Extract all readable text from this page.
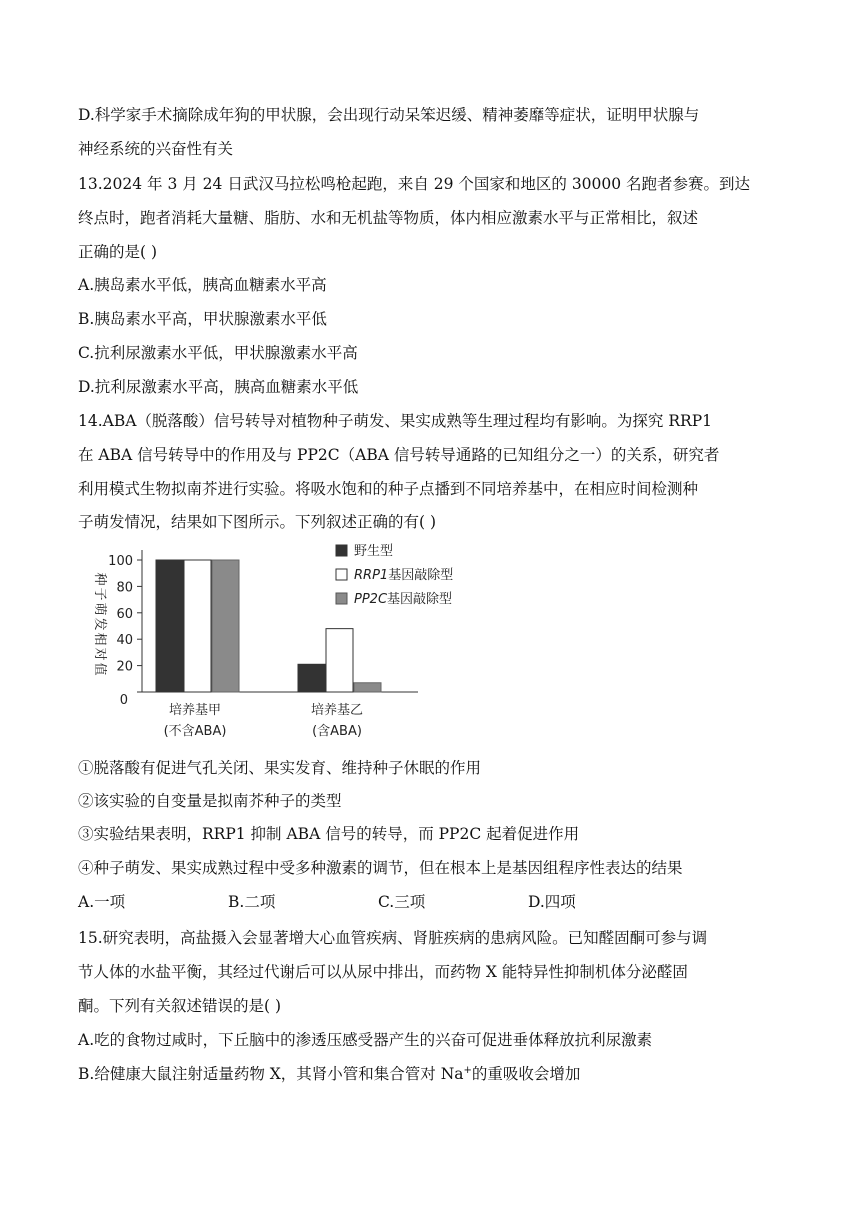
D.科学家手术摘除成年狗的甲状腺，会出现行动呆笨迟缓、精神萎靡等症状，证明甲状腺与
神经系统的兴奋性有关
13.2024 年 3 月 24 日武汉马拉松鸣枪起跑，来自 29 个国家和地区的 30000 名跑者参赛。到达
终点时，跑者消耗大量糖、脂肪、水和无机盐等物质，体内相应激素水平与正常相比，叙述
正确的是( )
A.胰岛素水平低，胰高血糖素水平高
B.胰岛素水平高，甲状腺激素水平低
C.抗利尿激素水平低，甲状腺激素水平高
D.抗利尿激素水平高，胰高血糖素水平低
14.ABA（脱落酸）信号转导对植物种子萌发、果实成熟等生理过程均有影响。为探究 RRP1
在 ABA 信号转导中的作用及与 PP2C（ABA 信号转导通路的已知组分之一）的关系，研究者
利用模式生物拟南芥进行实验。将吸水饱和的种子点播到不同培养基中，在相应时间检测种
子萌发情况，结果如下图所示。下列叙述正确的有( )
种子萌发相对值
0
20
40
60
80
100
培养基甲
(不含ABA)
培养基乙
(含ABA)
野生型
RRP1基因敲除型
PP2C基因敲除型
①脱落酸有促进气孔关闭、果实发育、维持种子休眠的作用
②该实验的自变量是拟南芥种子的类型
③实验结果表明，RRP1 抑制 ABA 信号的转导，而 PP2C 起着促进作用
④种子萌发、果实成熟过程中受多种激素的调节，但在根本上是基因组程序性表达的结果
A.一项	B.二项	C.三项	D.四项
15.研究表明，高盐摄入会显著增大心血管疾病、肾脏疾病的患病风险。已知醛固酮可参与调
节人体的水盐平衡，其经过代谢后可以从尿中排出，而药物 X 能特异性抑制机体分泌醛固
酮。下列有关叙述错误的是( )
A.吃的食物过咸时，下丘脑中的渗透压感受器产生的兴奋可促进垂体释放抗利尿激素
B.给健康大鼠注射适量药物 X，其肾小管和集合管对 Na+的重吸收会增加
